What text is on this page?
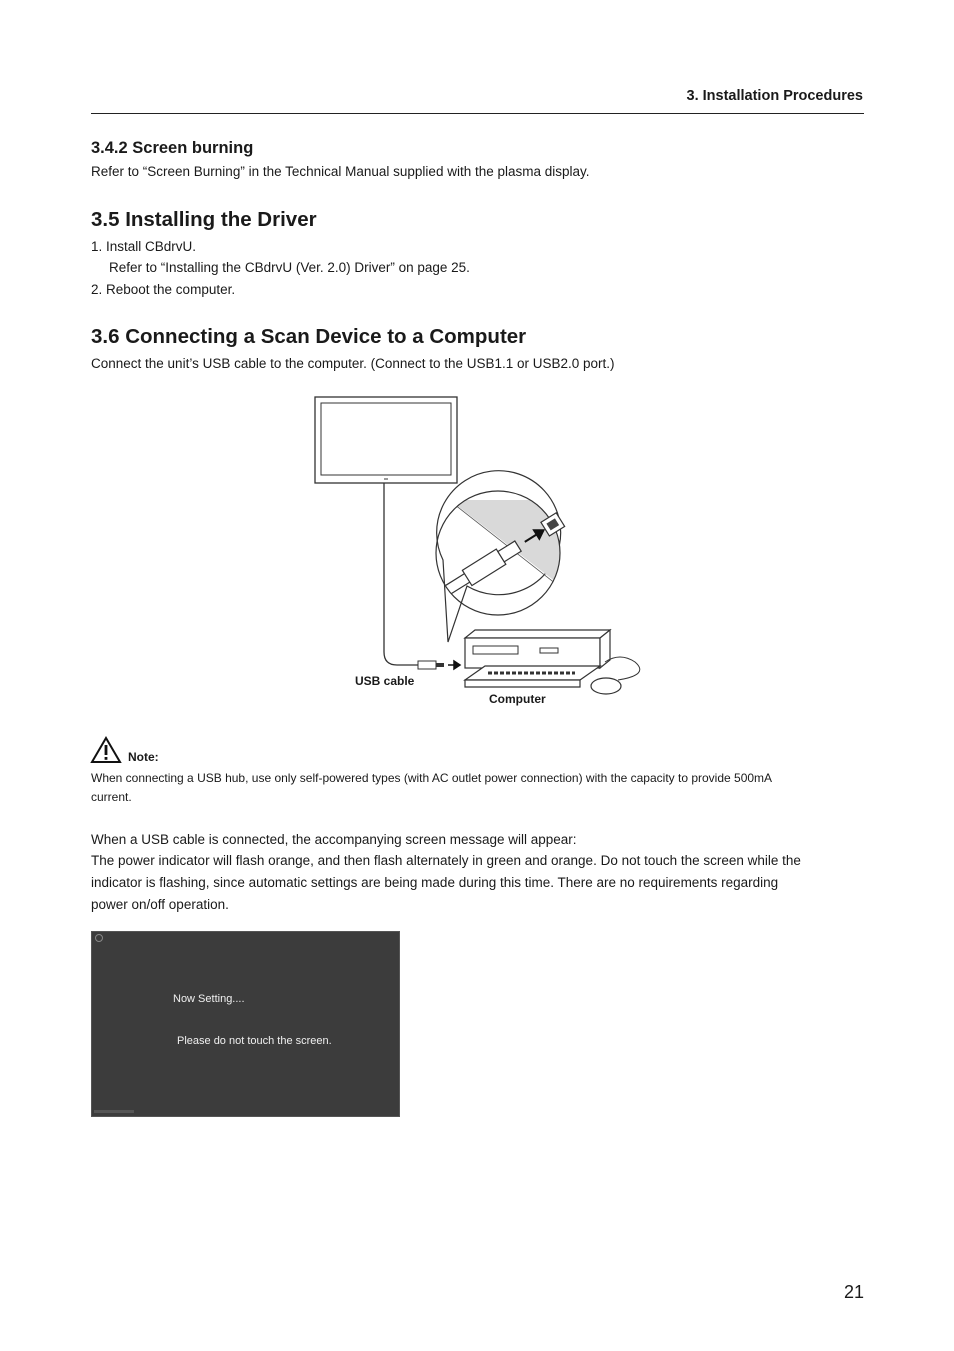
3. Installation Procedures
3.4.2 Screen burning
Refer to “Screen Burning” in the Technical Manual supplied with the plasma display.
3.5 Installing the Driver
1. Install CBdrvU.
Refer to “Installing the CBdrvU (Ver. 2.0) Driver” on page 25.
2. Reboot the computer.
3.6 Connecting a Scan Device to a Computer
Connect the unit’s USB cable to the computer. (Connect to the USB1.1 or USB2.0 port.)
USB cable
Computer
Note:
When connecting a USB hub, use only self-powered types (with AC outlet power connection) with the capacity to provide 500mA
current.
When a USB cable is connected, the accompanying screen message will appear:
The power indicator will flash orange, and then flash alternately in green and orange. Do not touch the screen while the
indicator is flashing, since automatic settings are being made during this time. There are no requirements regarding
power on/off operation.
Now Setting....
Please do not touch the screen.
21
